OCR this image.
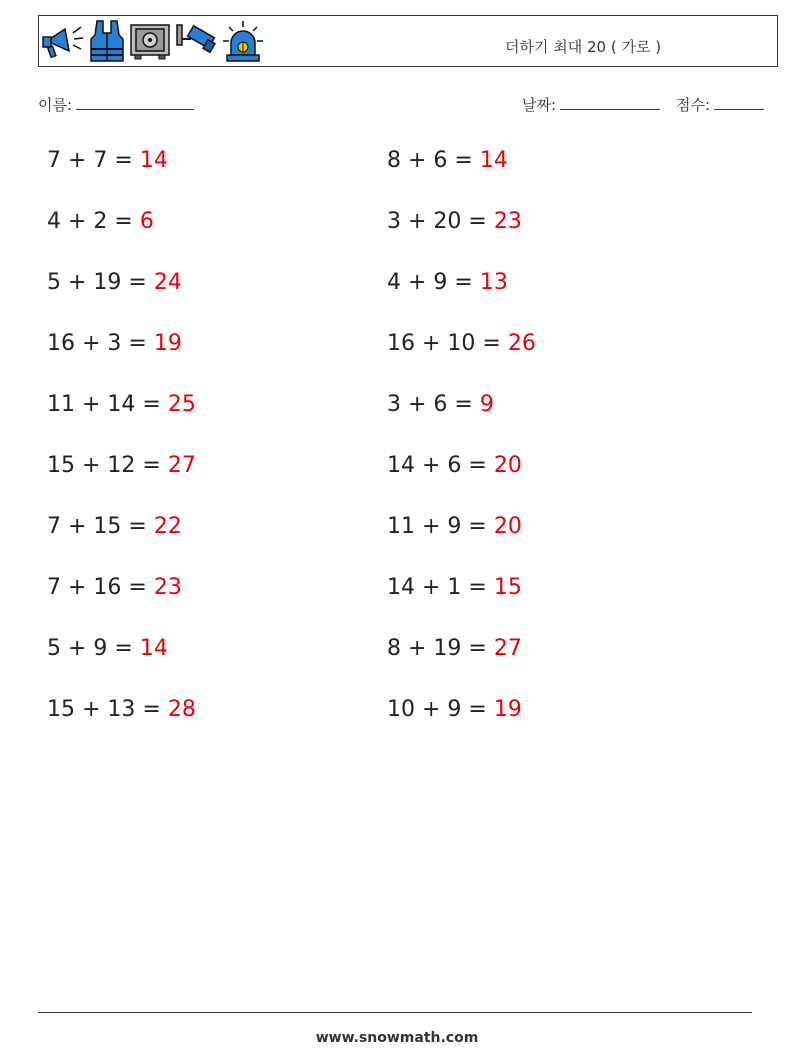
더하기 최대 20 ( 가로 )
이름:	날짜:	점수:
7 + 7 = 14	8 + 6 = 14
4 + 2 = 6	3 + 20 = 23
5 + 19 = 24	4 + 9 = 13
16 + 3 = 19	16 + 10 = 26
11 + 14 = 25	3 + 6 = 9
15 + 12 = 27	14 + 6 = 20
7 + 15 = 22	11 + 9 = 20
7 + 16 = 23	14 + 1 = 15
5 + 9 = 14	8 + 19 = 27
15 + 13 = 28	10 + 9 = 19
www.snowmath.com
